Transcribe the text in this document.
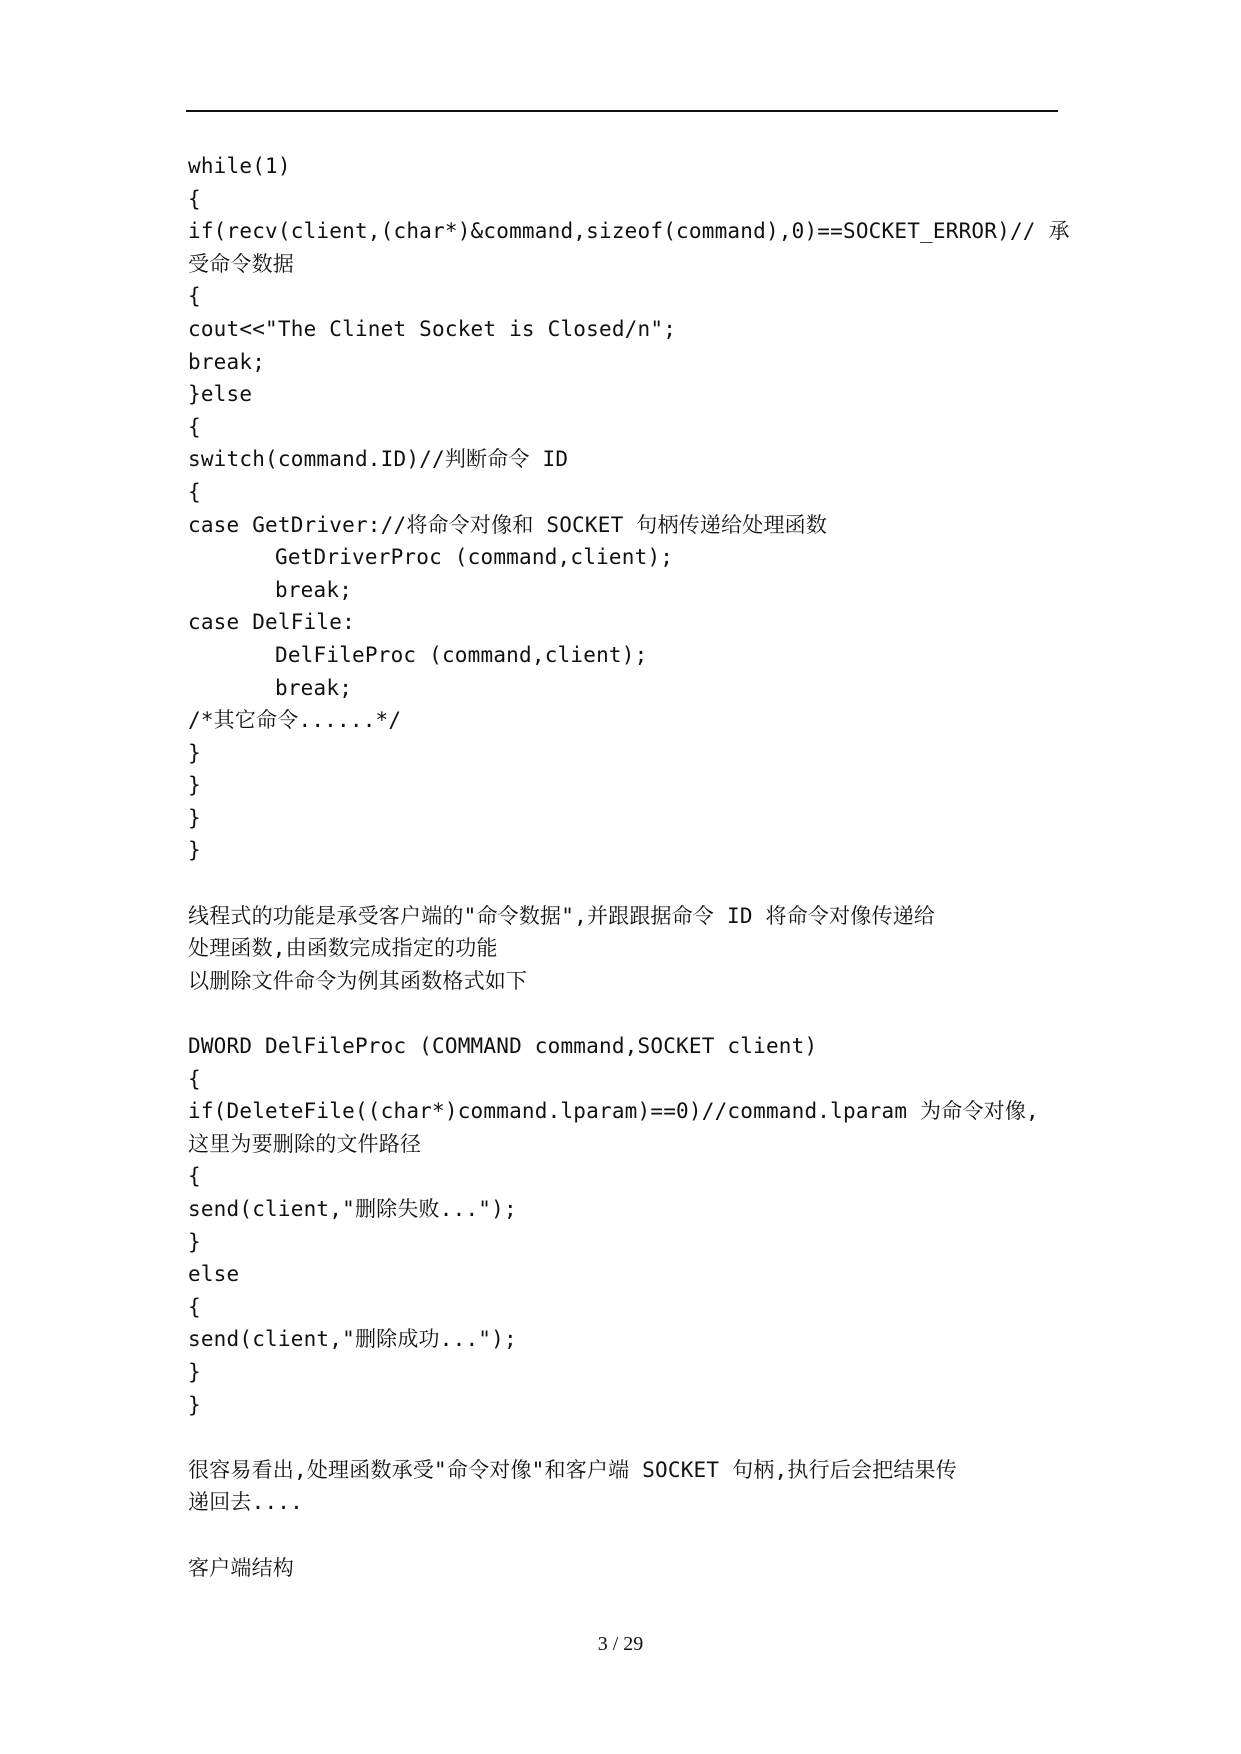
while(1)
{
if(recv(client,(char*)&command,sizeof(command),0)==SOCKET_ERROR)// 承
受命令数据
{
cout<<"The Clinet Socket is Closed/n";
break;
}else
{
switch(command.ID)//判断命令 ID
{
case GetDriver://将命令对像和 SOCKET 句柄传递给处理函数
GetDriverProc (command,client);
break;
case DelFile:
DelFileProc (command,client);
break;
/*其它命令......*/
}
}
}
}
线程式的功能是承受客户端的"命令数据",并跟跟据命令 ID 将命令对像传递给
处理函数,由函数完成指定的功能
以删除文件命令为例其函数格式如下
DWORD DelFileProc (COMMAND command,SOCKET client)
{
if(DeleteFile((char*)command.lparam)==0)//command.lparam 为命令对像,
这里为要删除的文件路径
{
send(client,"删除失败...");
}
else
{
send(client,"删除成功...");
}
}
很容易看出,处理函数承受"命令对像"和客户端 SOCKET 句柄,执行后会把结果传
递回去....
客户端结构
3 / 29
